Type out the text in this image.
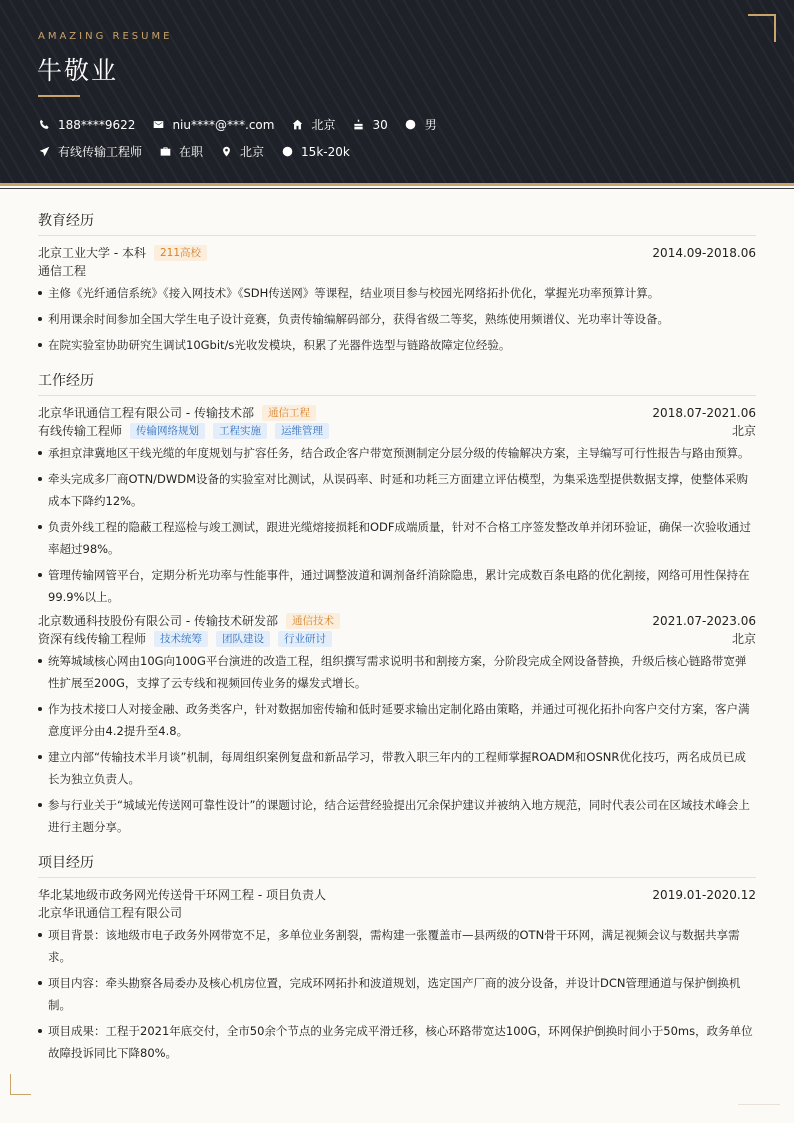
AMAZING RESUME
牛敬业
188****9622	niu****@***.com	北京	30	男
有线传输工程师	在职	北京	15k-20k
教育经历
北京工业大学 - 本科	211高校	2014.09-2018.06
通信工程
主修《光纤通信系统》《接入网技术》《SDH传送网》等课程，结业项目参与校园光网络拓扑优化，掌握光功率预算计算。
利用课余时间参加全国大学生电子设计竞赛，负责传输编解码部分，获得省级二等奖，熟练使用频谱仪、光功率计等设备。
在院实验室协助研究生调试10Gbit/s光收发模块，积累了光器件选型与链路故障定位经验。
工作经历
北京华讯通信工程有限公司 - 传输技术部	通信工程	2018.07-2021.06
有线传输工程师	传输网络规划	工程实施	运维管理	北京
承担京津冀地区干线光缆的年度规划与扩容任务，结合政企客户带宽预测制定分层分级的传输解决方案，主导编写可行性报告与路由预算。
牵头完成多厂商OTN/DWDM设备的实验室对比测试，从误码率、时延和功耗三方面建立评估模型，为集采选型提供数据支撑，使整体采购成本下降约12%。
负责外线工程的隐蔽工程巡检与竣工测试，跟进光缆熔接损耗和ODF成端质量，针对不合格工序签发整改单并闭环验证，确保一次验收通过率超过98%。
管理传输网管平台，定期分析光功率与性能事件，通过调整波道和调剂备纤消除隐患，累计完成数百条电路的优化割接，网络可用性保持在99.9%以上。
北京数通科技股份有限公司 - 传输技术研发部	通信技术	2021.07-2023.06
资深有线传输工程师	技术统筹	团队建设	行业研讨	北京
统筹城域核心网由10G向100G平台演进的改造工程，组织撰写需求说明书和割接方案，分阶段完成全网设备替换，升级后核心链路带宽弹性扩展至200G，支撑了云专线和视频回传业务的爆发式增长。
作为技术接口人对接金融、政务类客户，针对数据加密传输和低时延要求输出定制化路由策略，并通过可视化拓扑向客户交付方案，客户满意度评分由4.2提升至4.8。
建立内部“传输技术半月谈”机制，每周组织案例复盘和新品学习，带教入职三年内的工程师掌握ROADM和OSNR优化技巧，两名成员已成长为独立负责人。
参与行业关于“城域光传送网可靠性设计”的课题讨论，结合运营经验提出冗余保护建议并被纳入地方规范，同时代表公司在区域技术峰会上进行主题分享。
项目经历
华北某地级市政务网光传送骨干环网工程 - 项目负责人	2019.01-2020.12
北京华讯通信工程有限公司
项目背景：该地级市电子政务外网带宽不足，多单位业务割裂，需构建一张覆盖市—县两级的OTN骨干环网，满足视频会议与数据共享需求。
项目内容：牵头勘察各局委办及核心机房位置，完成环网拓扑和波道规划，选定国产厂商的波分设备，并设计DCN管理通道与保护倒换机制。
项目成果：工程于2021年底交付，全市50余个节点的业务完成平滑迁移，核心环路带宽达100G，环网保护倒换时间小于50ms，政务单位故障投诉同比下降80%。
